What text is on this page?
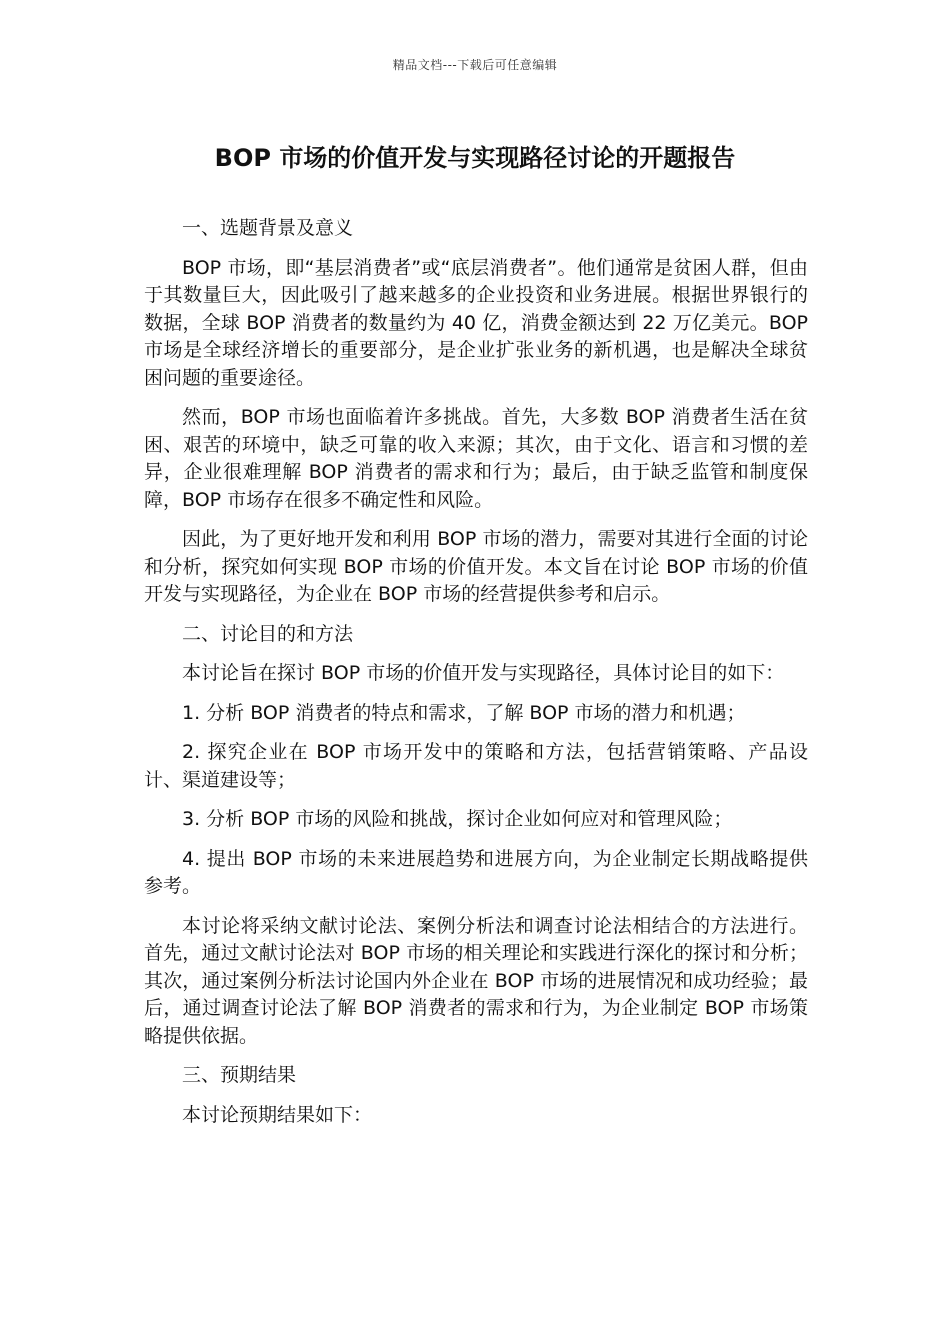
精品文档---下载后可任意编辑
BOP 市场的价值开发与实现路径讨论的开题报告

一、选题背景及意义

BOP 市场，即“基层消费者”或“底层消费者”。他们通常是贫困人群，但由于其数量巨大，因此吸引了越来越多的企业投资和业务进展。根据世界银行的数据，全球 BOP 消费者的数量约为 40 亿，消费金额达到 22 万亿美元。BOP 市场是全球经济增长的重要部分，是企业扩张业务的新机遇，也是解决全球贫困问题的重要途径。

然而，BOP 市场也面临着许多挑战。首先，大多数 BOP 消费者生活在贫困、艰苦的环境中，缺乏可靠的收入来源；其次，由于文化、语言和习惯的差异，企业很难理解 BOP 消费者的需求和行为；最后，由于缺乏监管和制度保障，BOP 市场存在很多不确定性和风险。

因此，为了更好地开发和利用 BOP 市场的潜力，需要对其进行全面的讨论和分析，探究如何实现 BOP 市场的价值开发。本文旨在讨论 BOP 市场的价值开发与实现路径，为企业在 BOP 市场的经营提供参考和启示。

二、讨论目的和方法

本讨论旨在探讨 BOP 市场的价值开发与实现路径，具体讨论目的如下：

1. 分析 BOP 消费者的特点和需求，了解 BOP 市场的潜力和机遇；

2. 探究企业在 BOP 市场开发中的策略和方法，包括营销策略、产品设计、渠道建设等；

3. 分析 BOP 市场的风险和挑战，探讨企业如何应对和管理风险；

4. 提出 BOP 市场的未来进展趋势和进展方向，为企业制定长期战略提供参考。

本讨论将采纳文献讨论法、案例分析法和调查讨论法相结合的方法进行。首先，通过文献讨论法对 BOP 市场的相关理论和实践进行深化的探讨和分析；其次，通过案例分析法讨论国内外企业在 BOP 市场的进展情况和成功经验；最后，通过调查讨论法了解 BOP 消费者的需求和行为，为企业制定 BOP 市场策略提供依据。

三、预期结果

本讨论预期结果如下：
